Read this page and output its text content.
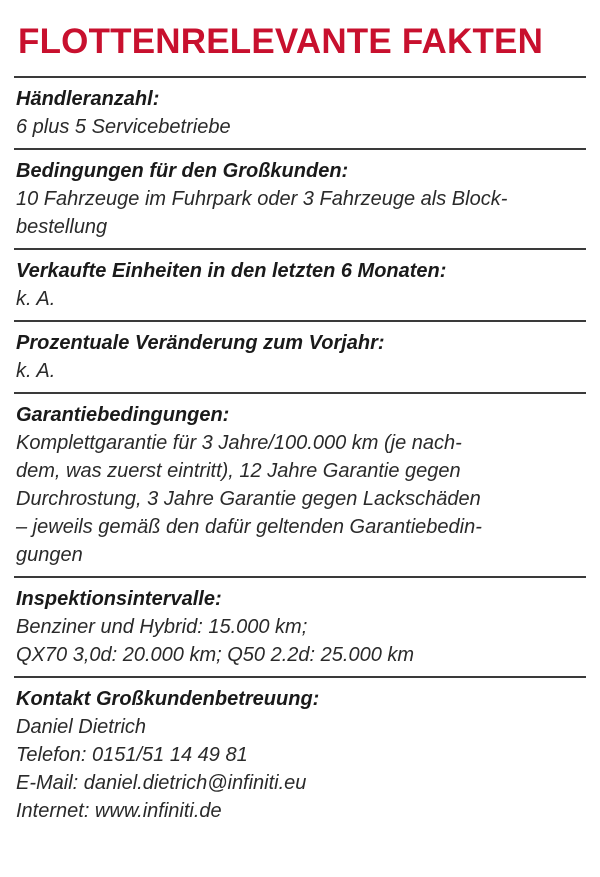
FLOTTENRELEVANTE FAKTEN
Händleranzahl:
6 plus 5 Servicebetriebe
Bedingungen für den Großkunden:
10 Fahrzeuge im Fuhrpark oder 3 Fahrzeuge als Block-
bestellung
Verkaufte Einheiten in den letzten 6 Monaten:
k. A.
Prozentuale Veränderung zum Vorjahr:
k. A.
Garantiebedingungen:
Komplettgarantie für 3 Jahre/100.000 km (je nach-
dem, was zuerst eintritt), 12 Jahre Garantie gegen
Durchrostung, 3 Jahre Garantie gegen Lackschäden
– jeweils gemäß den dafür geltenden Garantiebedin-
gungen
Inspektionsintervalle:
Benziner und Hybrid: 15.000 km;
QX70 3,0d: 20.000 km; Q50 2.2d: 25.000 km
Kontakt Großkundenbetreuung:
Daniel Dietrich
Telefon: 0151/51 14 49 81
E-Mail: daniel.dietrich@infiniti.eu
Internet: www.infiniti.de
